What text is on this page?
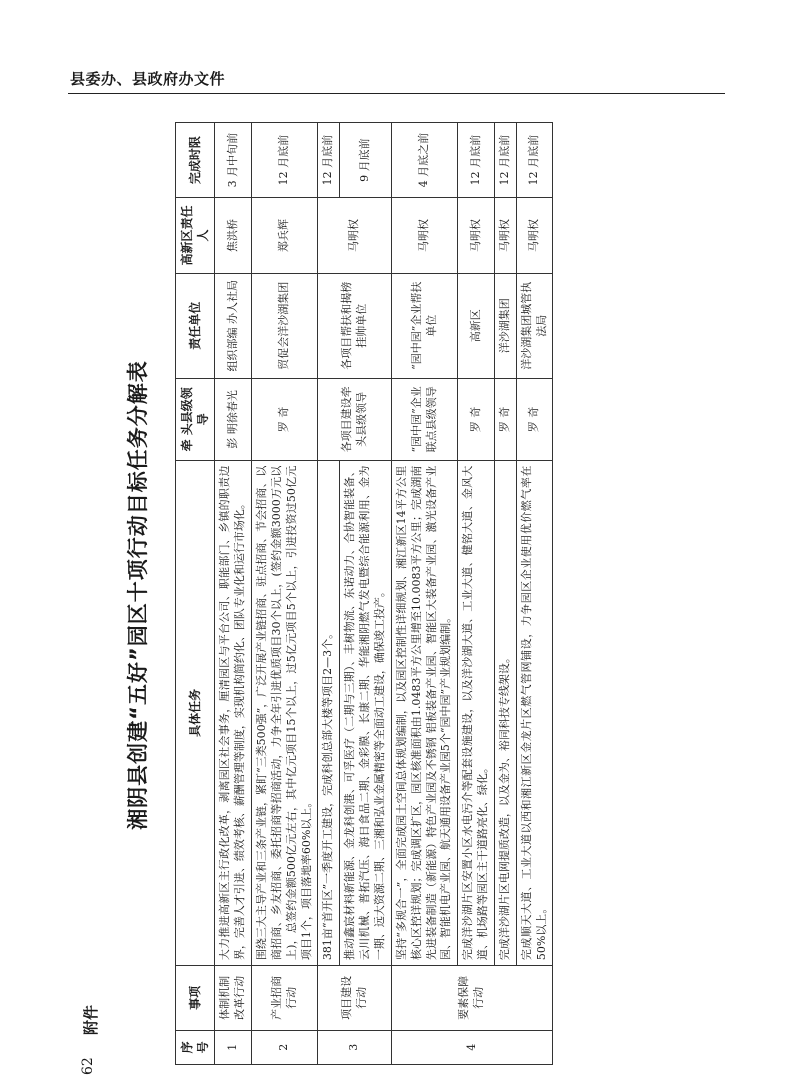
县委办、县政府办文件
62
附件
湘阴县创建“五好”园区十项行动目标任务分解表
序号	事项	具体任务	牵 头县级领导	责任单位	高新区责任人	完成时限
1	体制机制改革行动	大力推进高新区主行政化改革，剥离园区社会事务，厘清园区与平台公司、职能部门、乡镇的职责边界，完善人才引进、绩效考核、薪酬管理等制度，实现机构简约化、团队专业化和运行市场化。	彭 明徐春光	组织部编 办人社局	焦洪桥	3 月中旬前
2	产业招商行动	围绕三大主导产业和三条产业链，紧盯“三类500强”，广泛开展产业链招商、驻点招商、节会招商、以商招商、乡友招商、委托招商等招商活动，力争全年引进优质项目30个以上，(签约金额3000万元以上)，总签约金额500亿元左右，其中亿元项目15个以上，过5亿元项目5个以上，引进投资过50亿元项目1个，项目落地率60%以上。	罗 奇	贸促会洋沙湖集团	郑兵辉	12 月底前
3	项目建设行动	381亩“首开区”一季度开工建设，完成科创总部大楼等项目2—3个。	各项目建设牵头县级领导	各项目帮扶和揭榜挂帅单位	马明权	12 月底前
		推动鑫宸材料新能源、金龙科创港、可孚医疗（二期与三期）、丰树物流、东诺动力、合协智能装备、云川机械、普拓汽压、海日食品二期、金彩膜、长康二期、华能湘阴燃气发电暨综合能源利用、金为一期、远大资源二期、三湘和弘业金属精密等全面动工建设，确保竣工投产。				9 月底前
4	要素保障行动	坚持“多规合一”，全面完成园土空间总体规划编制，以及园区控制性详细规划、湘江新区14平方公里核心区控详规划；完成调区扩区，园区核准面积由1.0483平方公里增至10.0083平方公里；完成湖南先进装备制造（新能源）特色产业园及不锈钢 铝板装备产业园、智能区大装备产业园、激光设备产业园、智能机电产业园、航天通用设备产业园5个“园中园”产业规划编制。	“园中园”企业联点县级领导	“园中园”企业帮扶单位	马明权	4 月底之前
		完成洋沙湖片区安置小区水电污介等配套设施建设，以及洋沙湖大道、工业大道、健铭大道、金风大道、机场路等园区主干道路亮化、绿化。	罗 奇	高新区	马明权	12 月底前
		完成洋沙湖片区电网提质改造，以及金为、裕同科技专线架设。	罗 奇	洋沙湖集团	马明权	12 月底前
		完成顺天大道、工业大道以西和湘江新区金龙片区燃气管网铺设，力争园区企业使用优价燃气率在50%以上。	罗 奇	洋沙湖集团城管执法局	马明权	12 月底前
